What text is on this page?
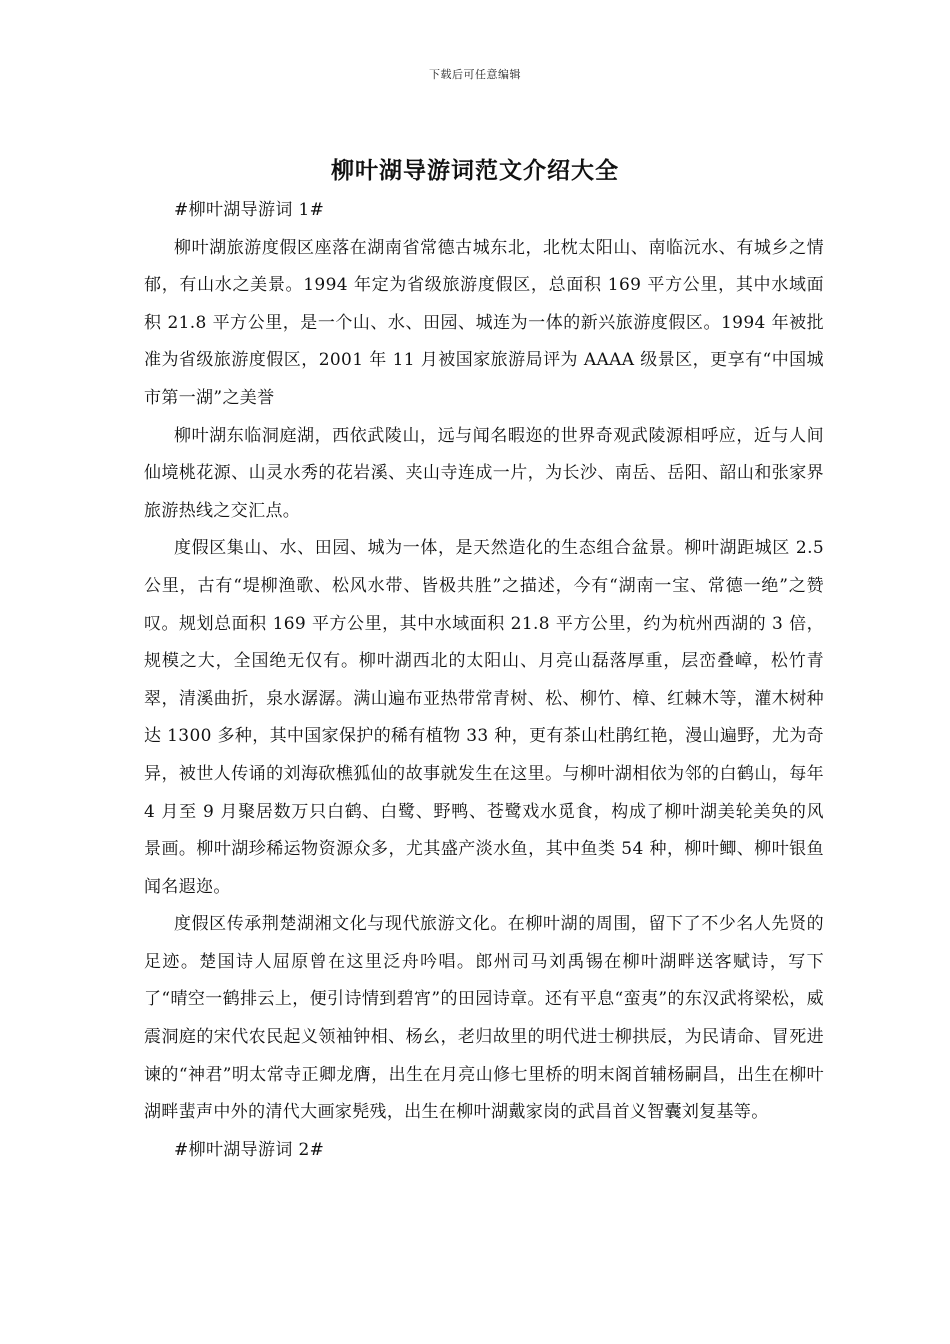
下载后可任意编辑
柳叶湖导游词范文介绍大全

#柳叶湖导游词 1#

柳叶湖旅游度假区座落在湖南省常德古城东北，北枕太阳山、南临沅水、有城乡之情郁，有山水之美景。1994 年定为省级旅游度假区，总面积 169 平方公里，其中水域面积 21.8 平方公里，是一个山、水、田园、城连为一体的新兴旅游度假区。1994 年被批准为省级旅游度假区，2001 年 11 月被国家旅游局评为 AAAA 级景区，更享有“中国城市第一湖”之美誉

柳叶湖东临洞庭湖，西依武陵山，远与闻名暇迩的世界奇观武陵源相呼应，近与人间仙境桃花源、山灵水秀的花岩溪、夹山寺连成一片，为长沙、南岳、岳阳、韶山和张家界旅游热线之交汇点。

度假区集山、水、田园、城为一体，是天然造化的生态组合盆景。柳叶湖距城区 2.5 公里，古有“堤柳渔歌、松风水带、皆极共胜”之描述，今有“湖南一宝、常德一绝”之赞叹。规划总面积 169 平方公里，其中水域面积 21.8 平方公里，约为杭州西湖的 3 倍，规模之大，全国绝无仅有。柳叶湖西北的太阳山、月亮山磊落厚重，层峦叠嶂，松竹青翠，清溪曲折，泉水潺潺。满山遍布亚热带常青树、松、柳竹、樟、红棘木等，灌木树种达 1300 多种，其中国家保护的稀有植物 33 种，更有茶山杜鹃红艳，漫山遍野，尤为奇异，被世人传诵的刘海砍樵狐仙的故事就发生在这里。与柳叶湖相依为邻的白鹤山，每年 4 月至 9 月聚居数万只白鹤、白鹭、野鸭、苍鹭戏水觅食，构成了柳叶湖美轮美奂的风景画。柳叶湖珍稀运物资源众多，尤其盛产淡水鱼，其中鱼类 54 种，柳叶鲫、柳叶银鱼闻名遐迩。

度假区传承荆楚湖湘文化与现代旅游文化。在柳叶湖的周围，留下了不少名人先贤的足迹。楚国诗人屈原曾在这里泛舟吟唱。郎州司马刘禹锡在柳叶湖畔送客赋诗，写下了“晴空一鹤排云上，便引诗情到碧宵”的田园诗章。还有平息“蛮夷”的东汉武将梁松，威震洞庭的宋代农民起义领袖钟相、杨幺，老归故里的明代进士柳拱辰，为民请命、冒死进谏的“神君”明太常寺正卿龙膺，出生在月亮山修七里桥的明末阁首辅杨嗣昌，出生在柳叶湖畔蜚声中外的清代大画家髡残，出生在柳叶湖戴家岗的武昌首义智囊刘复基等。

#柳叶湖导游词 2#
